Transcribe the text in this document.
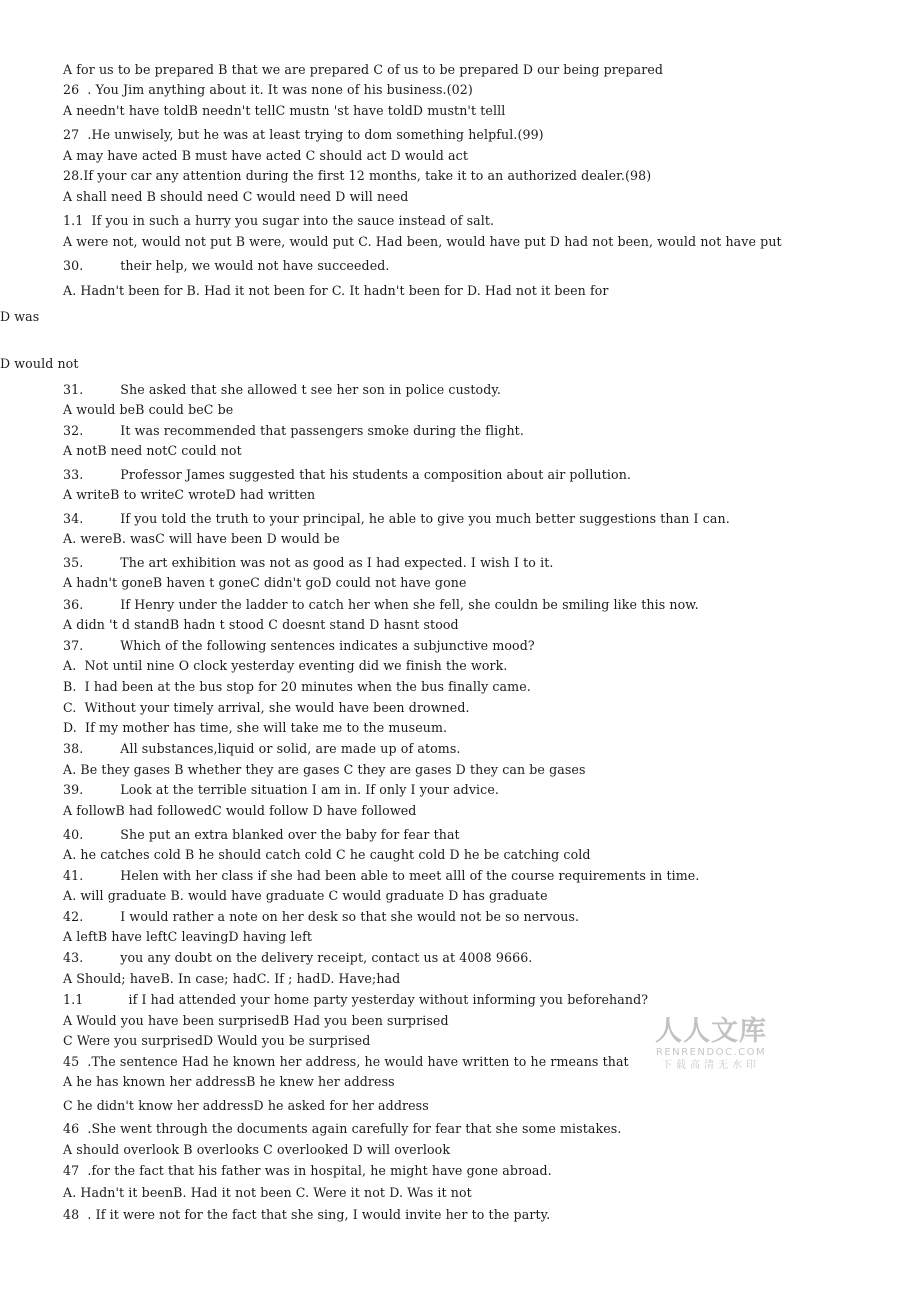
A for us to be prepared B that we are prepared C of us to be prepared D our being prepared
26  . You Jim anything about it. It was none of his business.(02)
A needn't have toldB needn't tellC mustn 'st have toldD mustn't telll
27  .He unwisely, but he was at least trying to dom something helpful.(99)
A may have acted B must have acted C should act D would act
28.If your car any attention during the first 12 months, take it to an authorized dealer.(98)
A shall need B should need C would need D will need
1.1  If you in such a hurry you sugar into the sauce instead of salt.
A were not, would not put B were, would put C. Had been, would have put D had not been, would not have put
30.         their help, we would not have succeeded.
A. Hadn't been for B. Had it not been for C. It hadn't been for D. Had not it been for
D was
D would not
31.         She asked that she allowed t see her son in police custody.
A would beB could beC be
32.         It was recommended that passengers smoke during the flight.
A notB need notC could not
33.         Professor James suggested that his students a composition about air pollution.
A writeB to writeC wroteD had written
34.         If you told the truth to your principal, he able to give you much better suggestions than I can.
A. wereB. wasC will have been D would be
35.         The art exhibition was not as good as I had expected. I wish I to it.
A hadn't goneB haven t goneC didn't goD could not have gone
36.         If Henry under the ladder to catch her when she fell, she couldn be smiling like this now.
A didn 't d standB hadn t stood C doesnt stand D hasnt stood
37.         Which of the following sentences indicates a subjunctive mood?
A.  Not until nine O clock yesterday eventing did we finish the work.
B.  I had been at the bus stop for 20 minutes when the bus finally came.
C.  Without your timely arrival, she would have been drowned.
D.  If my mother has time, she will take me to the museum.
38.         All substances,liquid or solid, are made up of atoms.
A. Be they gases B whether they are gases C they are gases D they can be gases
39.         Look at the terrible situation I am in. If only I your advice.
A followB had followedC would follow D have followed
40.         She put an extra blanked over the baby for fear that
A. he catches cold B he should catch cold C he caught cold D he be catching cold
41.         Helen with her class if she had been able to meet alll of the course requirements in time.
A. will graduate B. would have graduate C would graduate D has graduate
42.         I would rather a note on her desk so that she would not be so nervous.
A leftB have leftC leavingD having left
43.         you any doubt on the delivery receipt, contact us at 4008 9666.
A Should; haveB. In case; hadC. If ; hadD. Have;had
1.1           if I had attended your home party yesterday without informing you beforehand?
A Would you have been surprisedB Had you been surprised
C Were you surprisedD Would you be surprised
45  .The sentence Had he known her address, he would have written to he rmeans that
A he has known her addressB he knew her address
C he didn't know her addressD he asked for her address
46  .She went through the documents again carefully for fear that she some mistakes.
A should overlook B overlooks C overlooked D will overlook
47  .for the fact that his father was in hospital, he might have gone abroad.
A. Hadn't it beenB. Had it not been C. Were it not D. Was it not
48  . If it were not for the fact that she sing, I would invite her to the party.
人人文库
RENRENDOC.COM
下载高清无水印
